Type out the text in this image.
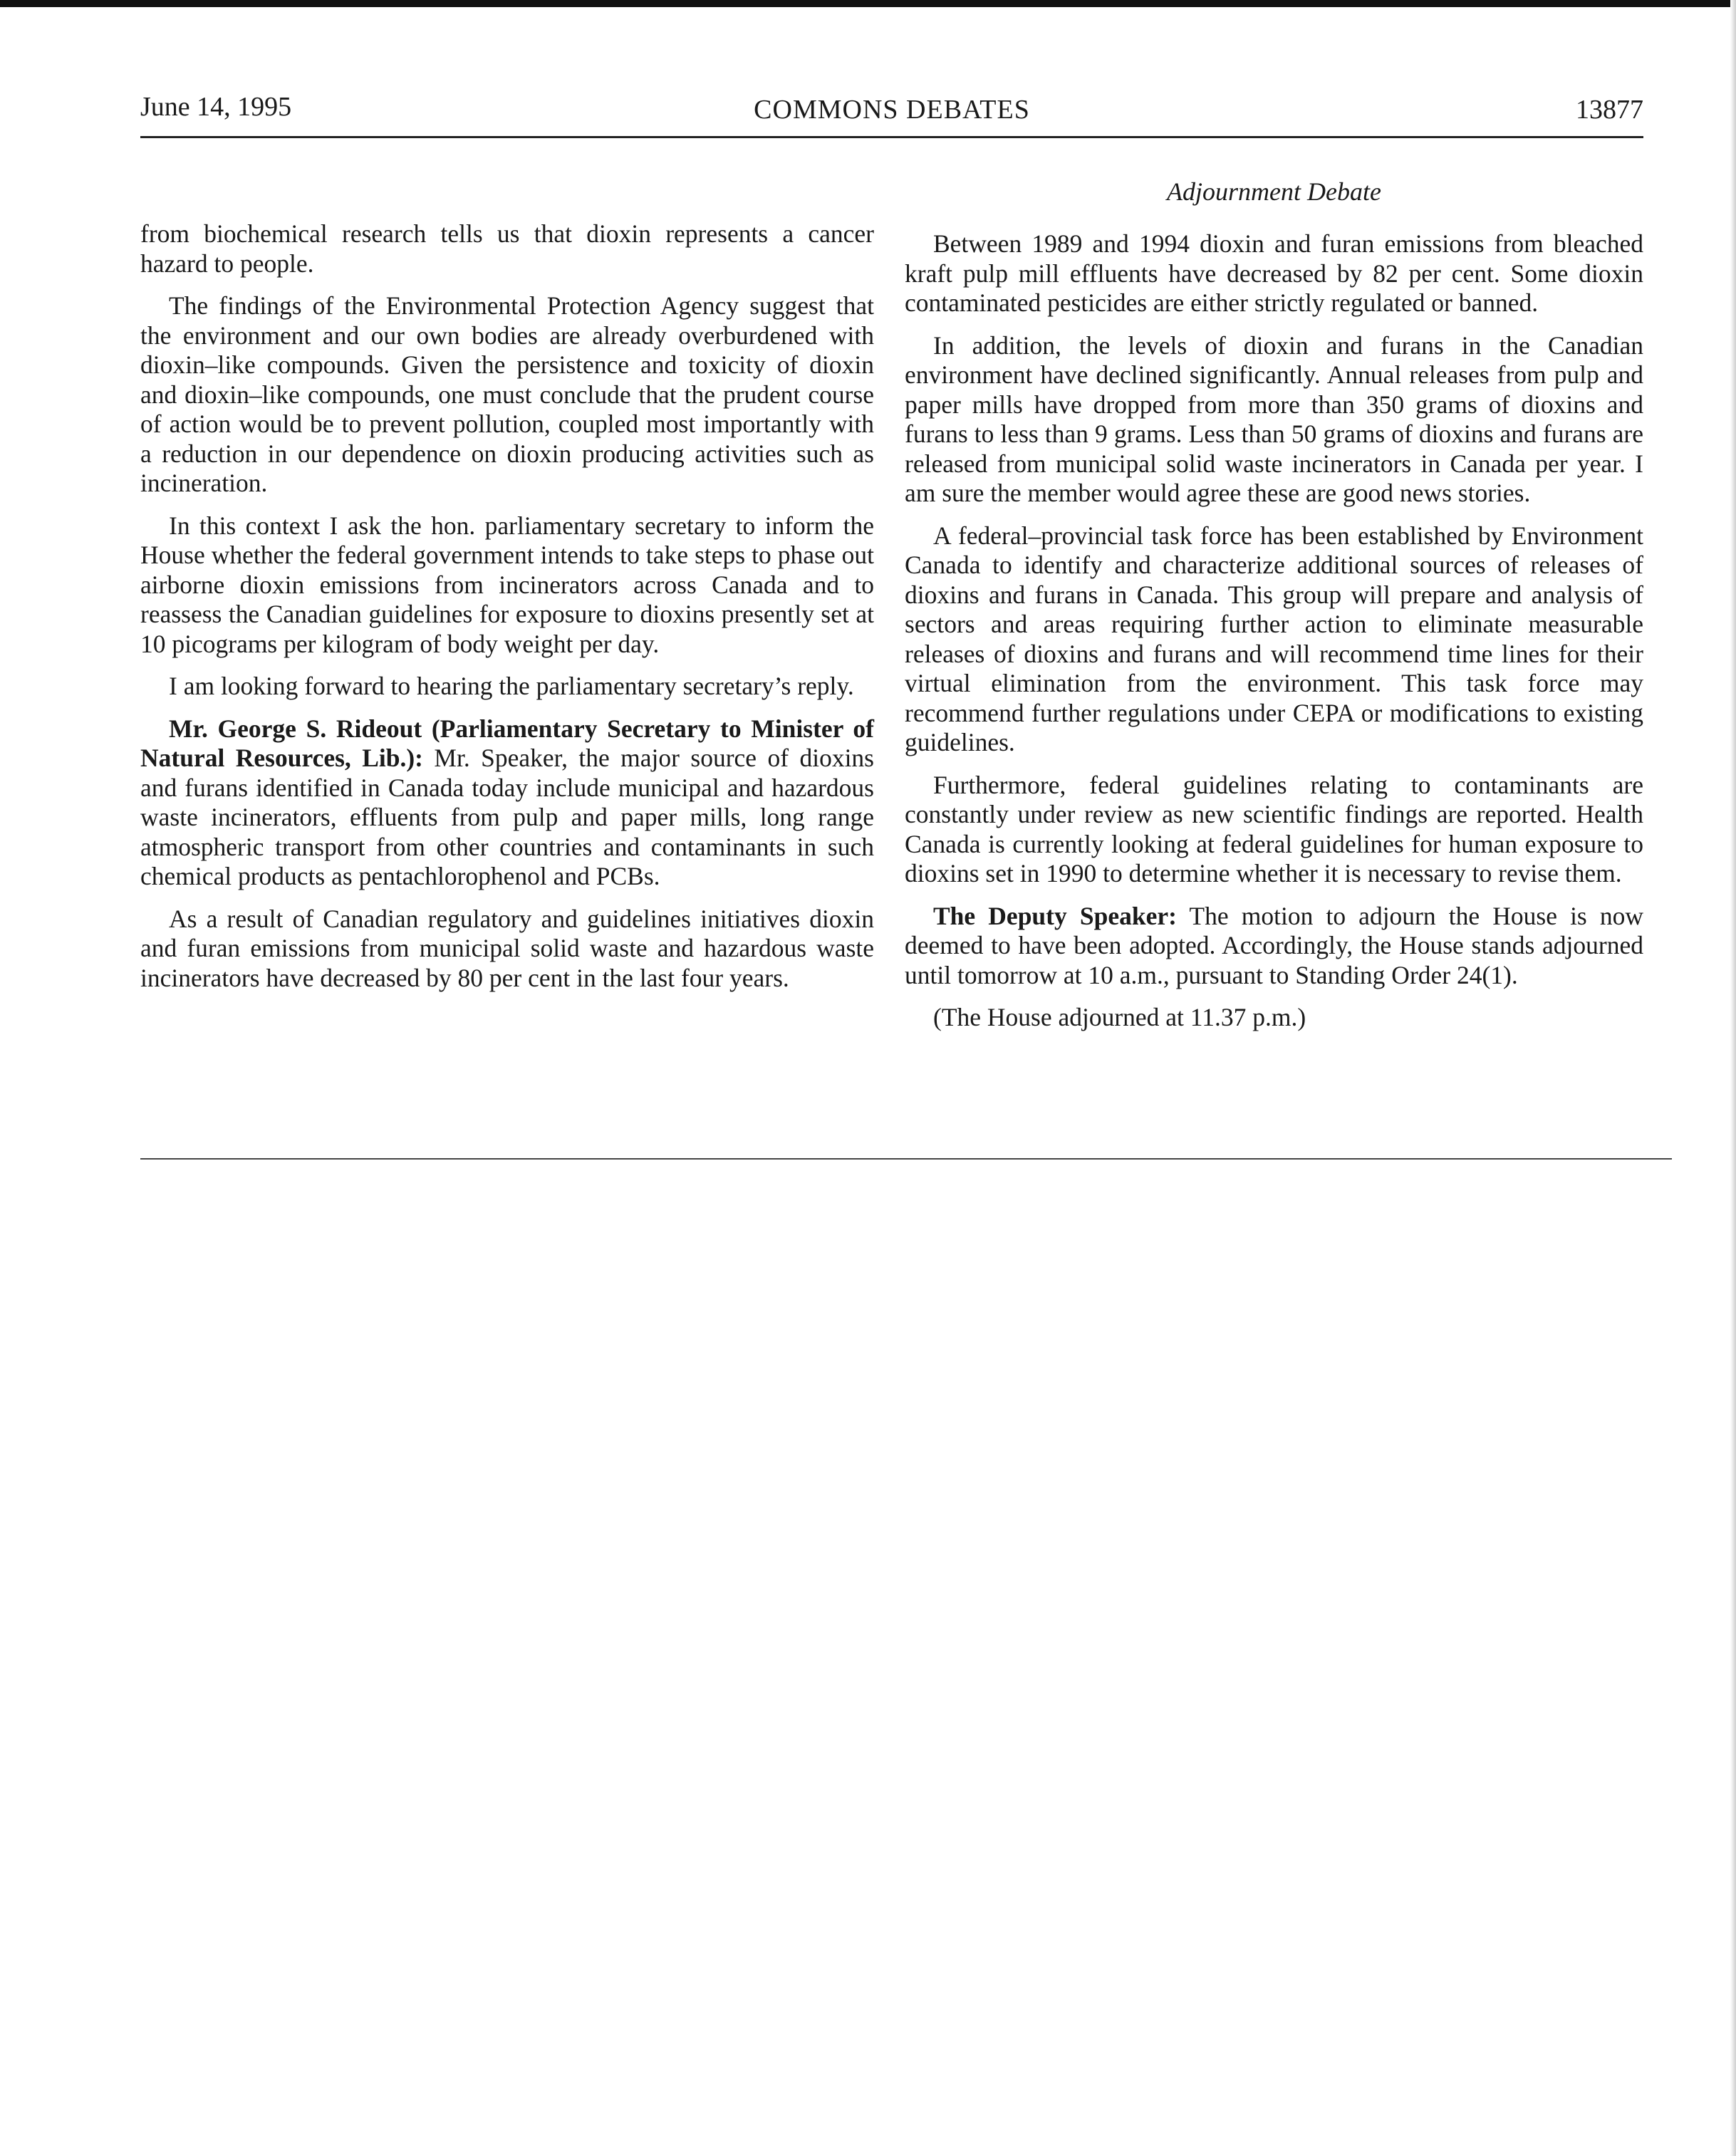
June 14, 1995	COMMONS DEBATES	13877
Adjournment Debate

from biochemical research tells us that dioxin represents a cancer hazard to people.

The findings of the Environmental Protection Agency suggest that the environment and our own bodies are already overburdened with dioxin–like compounds. Given the persistence and toxicity of dioxin and dioxin–like compounds, one must conclude that the prudent course of action would be to prevent pollution, coupled most importantly with a reduction in our dependence on dioxin producing activities such as incineration.

In this context I ask the hon. parliamentary secretary to inform the House whether the federal government intends to take steps to phase out airborne dioxin emissions from incinerators across Canada and to reassess the Canadian guidelines for exposure to dioxins presently set at 10 picograms per kilogram of body weight per day.

I am looking forward to hearing the parliamentary secretary’s reply.

Mr. George S. Rideout (Parliamentary Secretary to Minister of Natural Resources, Lib.): Mr. Speaker, the major source of dioxins and furans identified in Canada today include municipal and hazardous waste incinerators, effluents from pulp and paper mills, long range atmospheric transport from other countries and contaminants in such chemical products as pentachlorophenol and PCBs.

As a result of Canadian regulatory and guidelines initiatives dioxin and furan emissions from municipal solid waste and hazardous waste incinerators have decreased by 80 per cent in the last four years.

Between 1989 and 1994 dioxin and furan emissions from bleached kraft pulp mill effluents have decreased by 82 per cent. Some dioxin contaminated pesticides are either strictly regulated or banned.

In addition, the levels of dioxin and furans in the Canadian environment have declined significantly. Annual releases from pulp and paper mills have dropped from more than 350 grams of dioxins and furans to less than 9 grams. Less than 50 grams of dioxins and furans are released from municipal solid waste incinerators in Canada per year. I am sure the member would agree these are good news stories.

A federal–provincial task force has been established by Environment Canada to identify and characterize additional sources of releases of dioxins and furans in Canada. This group will prepare and analysis of sectors and areas requiring further action to eliminate measurable releases of dioxins and furans and will recommend time lines for their virtual elimination from the environment. This task force may recommend further regulations under CEPA or modifications to existing guidelines.

Furthermore, federal guidelines relating to contaminants are constantly under review as new scientific findings are reported. Health Canada is currently looking at federal guidelines for human exposure to dioxins set in 1990 to determine whether it is necessary to revise them.

The Deputy Speaker: The motion to adjourn the House is now deemed to have been adopted. Accordingly, the House stands adjourned until tomorrow at 10 a.m., pursuant to Standing Order 24(1).

(The House adjourned at 11.37 p.m.)
